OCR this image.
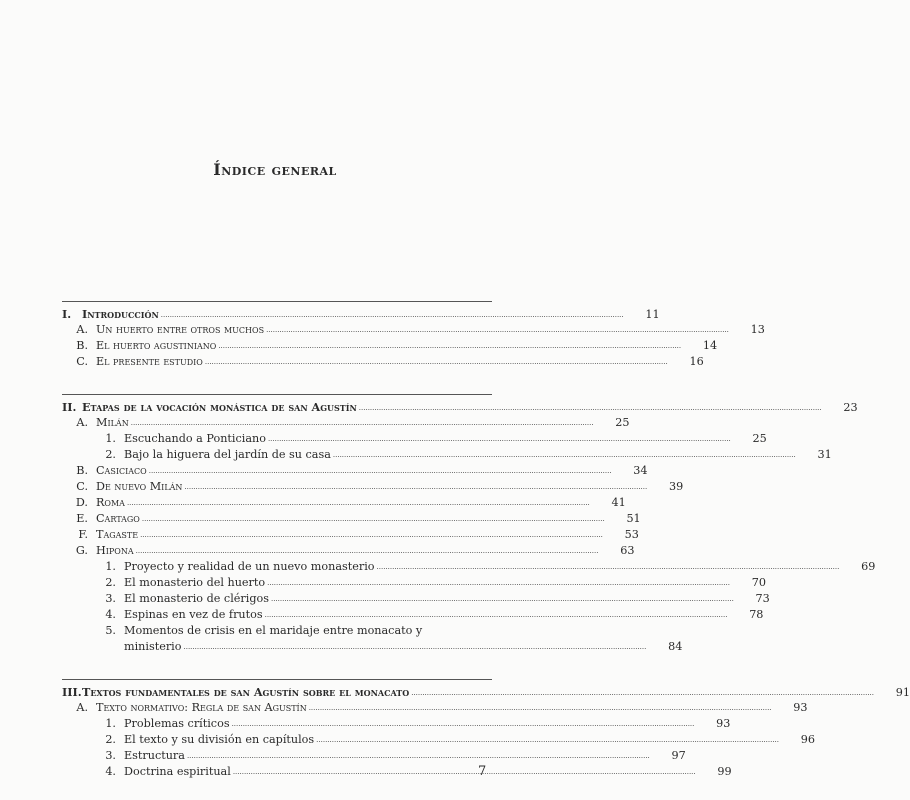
Índice general
I. Introducción .....	11
A. Un huerto entre otros muchos .....	13
B. El huerto agustiniano .....	14
C. El presente estudio .....	16
II. Etapas de la vocación monástica de san Agustín .....	23
A. Milán .....	25
1. Escuchando a Ponticiano .....	25
2. Bajo la higuera del jardín de su casa .....	31
B. Casiciaco .....	34
C. De nuevo Milán .....	39
D. Roma .....	41
E. Cartago .....	51
F. Tagaste .....	53
G. Hipona .....	63
1. Proyecto y realidad de un nuevo monasterio .....	69
2. El monasterio del huerto .....	70
3. El monasterio de clérigos .....	73
4. Espinas en vez de frutos .....	78
5. Momentos de crisis en el maridaje entre monacato y
ministerio .....	84
III. Textos fundamentales de san Agustín sobre el monacato .....	91
A. Texto normativo: Regla de san Agustín .....	93
1. Problemas críticos .....	93
2. El texto y su división en capítulos .....	96
3. Estructura .....	97
4. Doctrina espiritual .....	99
7
